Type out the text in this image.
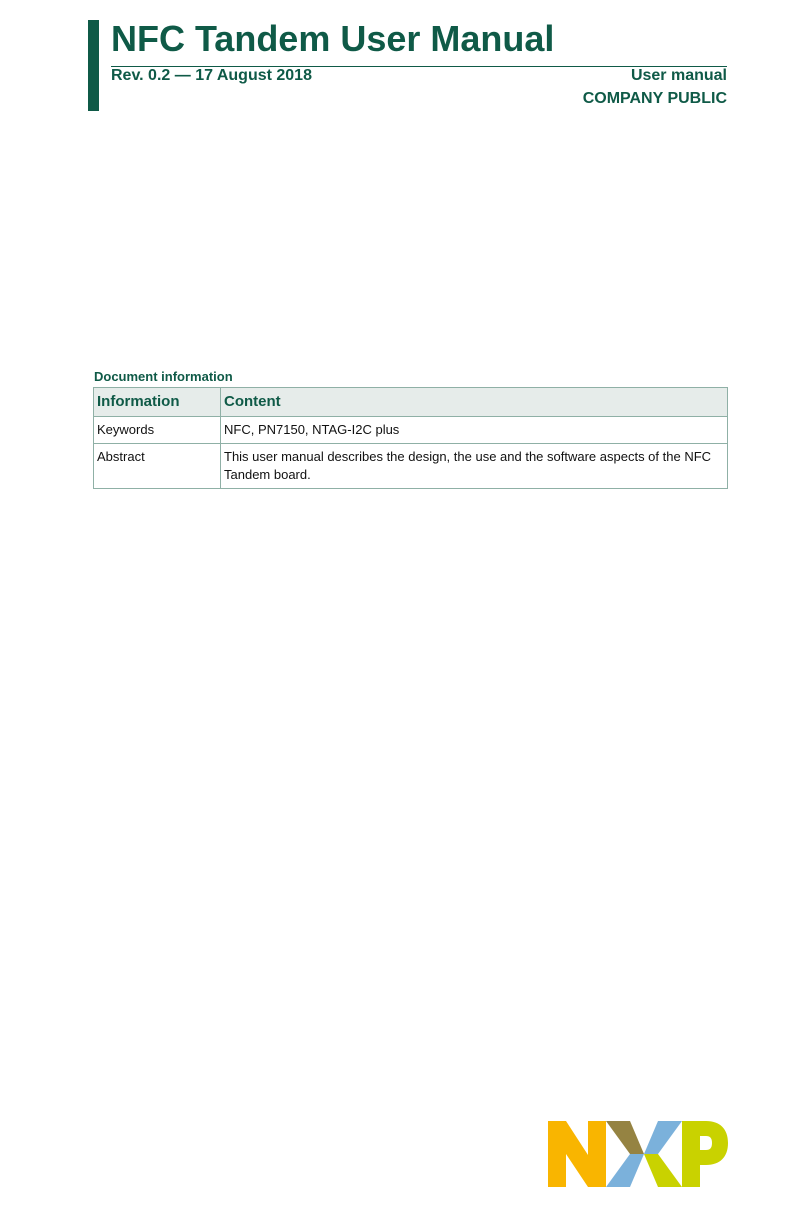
NFC Tandem User Manual
Rev. 0.2 — 17 August 2018	User manual
COMPANY PUBLIC
Document information
Information	Content
Keywords	NFC, PN7150, NTAG-I2C plus
Abstract	This user manual describes the design, the use and the software aspects of the NFC Tandem board.
